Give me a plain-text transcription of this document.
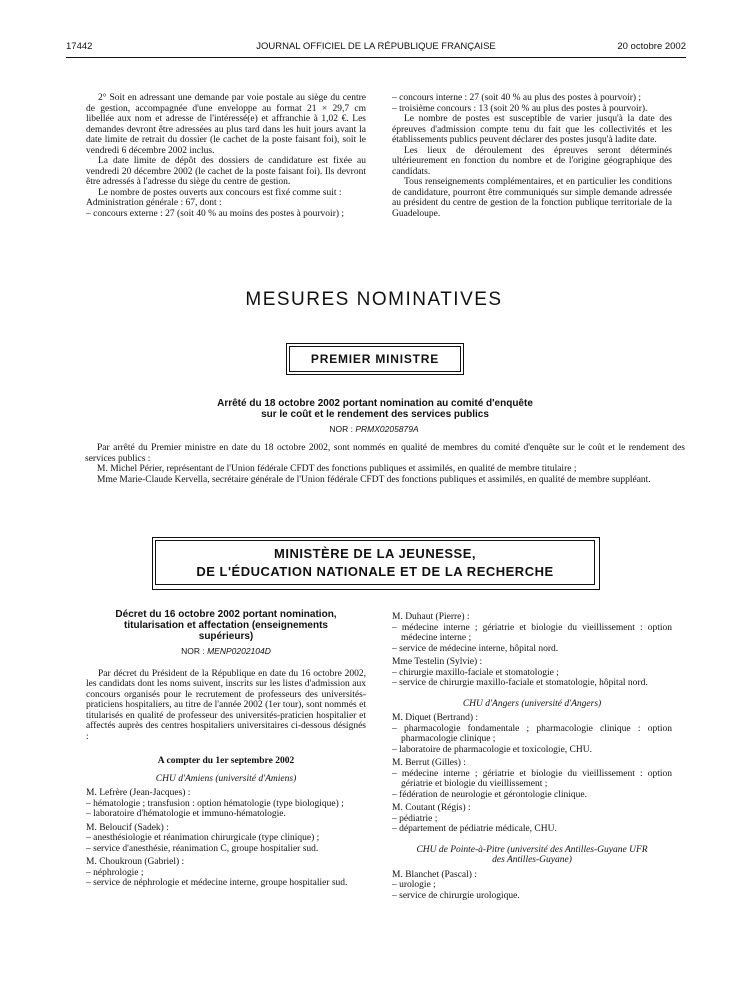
17442	JOURNAL OFFICIEL DE LA RÉPUBLIQUE FRANÇAISE	20 octobre 2002

2° Soit en adressant une demande par voie postale au siège du centre de gestion, accompagnée d'une enveloppe au format 21 × 29,7 cm libellée aux nom et adresse de l'intéressé(e) et affranchie à 1,02 €. Les demandes devront être adressées au plus tard dans les huit jours avant la date limite de retrait du dossier (le cachet de la poste faisant foi), soit le vendredi 6 décembre 2002 inclus.

La date limite de dépôt des dossiers de candidature est fixée au vendredi 20 décembre 2002 (le cachet de la poste faisant foi). Ils devront être adressés à l'adresse du siège du centre de gestion.

Le nombre de postes ouverts aux concours est fixé comme suit :

Administration générale : 67, dont :

– concours externe : 27 (soit 40 % au moins des postes à pourvoir) ;

– concours interne : 27 (soit 40 % au plus des postes à pourvoir) ;

– troisième concours : 13 (soit 20 % au plus des postes à pourvoir).

Le nombre de postes est susceptible de varier jusqu'à la date des épreuves d'admission compte tenu du fait que les collectivités et les établissements publics peuvent déclarer des postes jusqu'à ladite date.

Les lieux de déroulement des épreuves seront déterminés ultérieurement en fonction du nombre et de l'origine géographique des candidats.

Tous renseignements complémentaires, et en particulier les conditions de candidature, pourront être communiqués sur simple demande adressée au président du centre de gestion de la fonction publique territoriale de la Guadeloupe.

MESURES NOMINATIVES
PREMIER MINISTRE
Arrêté du 18 octobre 2002 portant nomination au comité d'enquête
sur le coût et le rendement des services publics
NOR : PRMX0205879A

Par arrêté du Premier ministre en date du 18 octobre 2002, sont nommés en qualité de membres du comité d'enquête sur le coût et le rendement des services publics :

M. Michel Périer, représentant de l'Union fédérale CFDT des fonctions publiques et assimilés, en qualité de membre titulaire ;

Mme Marie-Claude Kervella, secrétaire générale de l'Union fédérale CFDT des fonctions publiques et assimilés, en qualité de membre suppléant.

MINISTÈRE DE LA JEUNESSE,
DE L'ÉDUCATION NATIONALE ET DE LA RECHERCHE
Décret du 16 octobre 2002 portant nomination, titularisation et affectation (enseignements supérieurs)
NOR : MENP0202104D

Par décret du Président de la République en date du 16 octobre 2002, les candidats dont les noms suivent, inscrits sur les listes d'admission aux concours organisés pour le recrutement de professeurs des universités-praticiens hospitaliers, au titre de l'année 2002 (1er tour), sont nommés et titularisés en qualité de professeur des universités-praticien hospitalier et affectés auprès des centres hospitaliers universitaires ci-dessous désignés :

A compter du 1er septembre 2002

CHU d'Amiens (université d'Amiens)

M. Lefrère (Jean-Jacques) :

– hématologie ; transfusion : option hématologie (type biologique) ;

– laboratoire d'hématologie et immuno-hématologie.

M. Beloucif (Sadek) :

– anesthésiologie et réanimation chirurgicale (type clinique) ;

– service d'anesthésie, réanimation C, groupe hospitalier sud.

M. Choukroun (Gabriel) :

– néphrologie ;

– service de néphrologie et médecine interne, groupe hospitalier sud.

M. Duhaut (Pierre) :

– médecine interne ; gériatrie et biologie du vieillissement : option médecine interne ;

– service de médecine interne, hôpital nord.

Mme Testelin (Sylvie) :

– chirurgie maxillo-faciale et stomatologie ;

– service de chirurgie maxillo-faciale et stomatologie, hôpital nord.

CHU d'Angers (université d'Angers)

M. Diquet (Bertrand) :

– pharmacologie fondamentale ; pharmacologie clinique : option pharmacologie clinique ;

– laboratoire de pharmacologie et toxicologie, CHU.

M. Berrut (Gilles) :

– médecine interne ; gériatrie et biologie du vieillissement : option gériatrie et biologie du vieillissement ;

– fédération de neurologie et gérontologie clinique.

M. Coutant (Régis) :

– pédiatrie ;

– département de pédiatrie médicale, CHU.

CHU de Pointe-à-Pitre (université des Antilles-Guyane UFR des Antilles-Guyane)

M. Blanchet (Pascal) :

– urologie ;

– service de chirurgie urologique.
